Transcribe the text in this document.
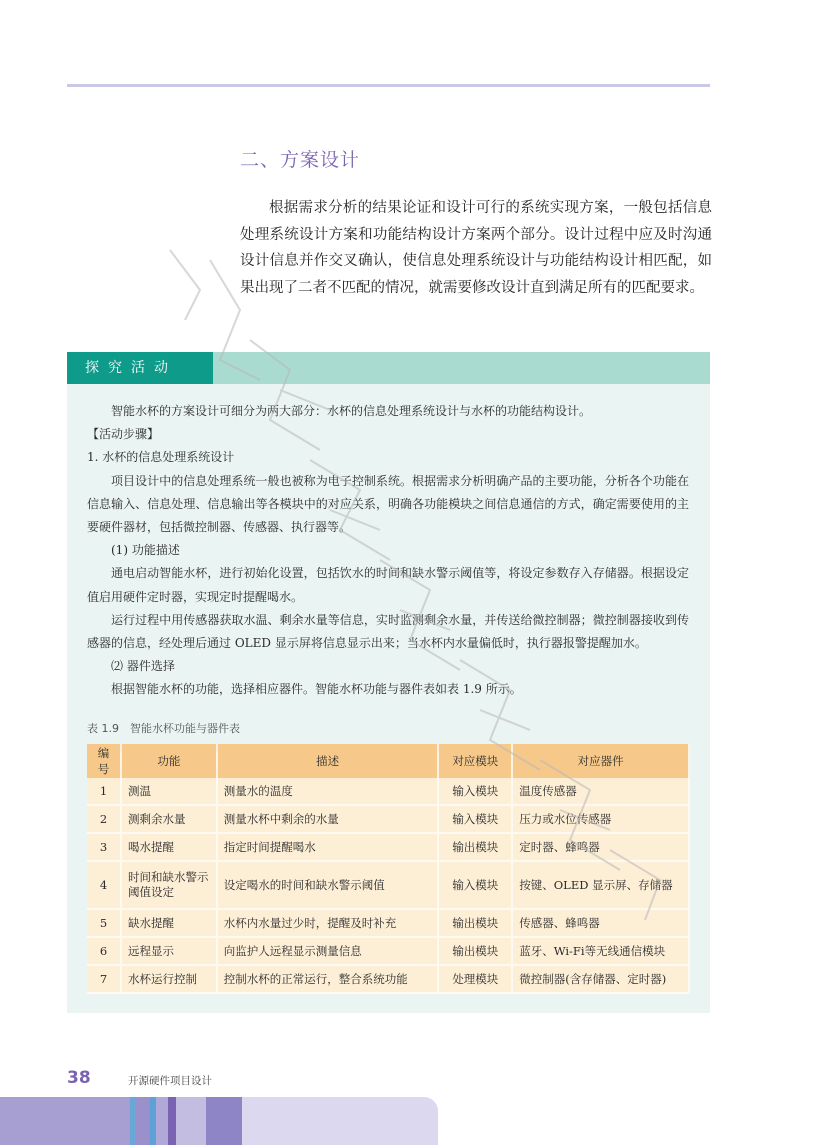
二、方案设计

根据需求分析的结果论证和设计可行的系统实现方案，一般包括信息处理系统设计方案和功能结构设计方案两个部分。设计过程中应及时沟通设计信息并作交叉确认，使信息处理系统设计与功能结构设计相匹配，如果出现了二者不匹配的情况，就需要修改设计直到满足所有的匹配要求。

探究活动

智能水杯的方案设计可细分为两大部分：水杯的信息处理系统设计与水杯的功能结构设计。

【活动步骤】

1. 水杯的信息处理系统设计

项目设计中的信息处理系统一般也被称为电子控制系统。根据需求分析明确产品的主要功能，分析各个功能在信息输入、信息处理、信息输出等各模块中的对应关系，明确各功能模块之间信息通信的方式，确定需要使用的主要硬件器材，包括微控制器、传感器、执行器等。

(1) 功能描述

通电启动智能水杯，进行初始化设置，包括饮水的时间和缺水警示阈值等，将设定参数存入存储器。根据设定值启用硬件定时器，实现定时提醒喝水。

运行过程中用传感器获取水温、剩余水量等信息，实时监测剩余水量，并传送给微控制器；微控制器接收到传感器的信息，经处理后通过 OLED 显示屏将信息显示出来；当水杯内水量偏低时，执行器报警提醒加水。

⑵ 器件选择

根据智能水杯的功能，选择相应器件。智能水杯功能与器件表如表 1.9 所示。

表 1.9　智能水杯功能与器件表
编号	功能	描述	对应模块	对应器件
1	测温	测量水的温度	输入模块	温度传感器
2	测剩余水量	测量水杯中剩余的水量	输入模块	压力或水位传感器
3	喝水提醒	指定时间提醒喝水	输出模块	定时器、蜂鸣器
4	时间和缺水警示阈值设定	设定喝水的时间和缺水警示阈值	输入模块	按键、OLED 显示屏、存储器
5	缺水提醒	水杯内水量过少时，提醒及时补充	输出模块	传感器、蜂鸣器
6	远程显示	向监护人远程显示测量信息	输出模块	蓝牙、Wi-Fi等无线通信模块
7	水杯运行控制	控制水杯的正常运行，整合系统功能	处理模块	微控制器(含存储器、定时器)
38	开源硬件项目设计
